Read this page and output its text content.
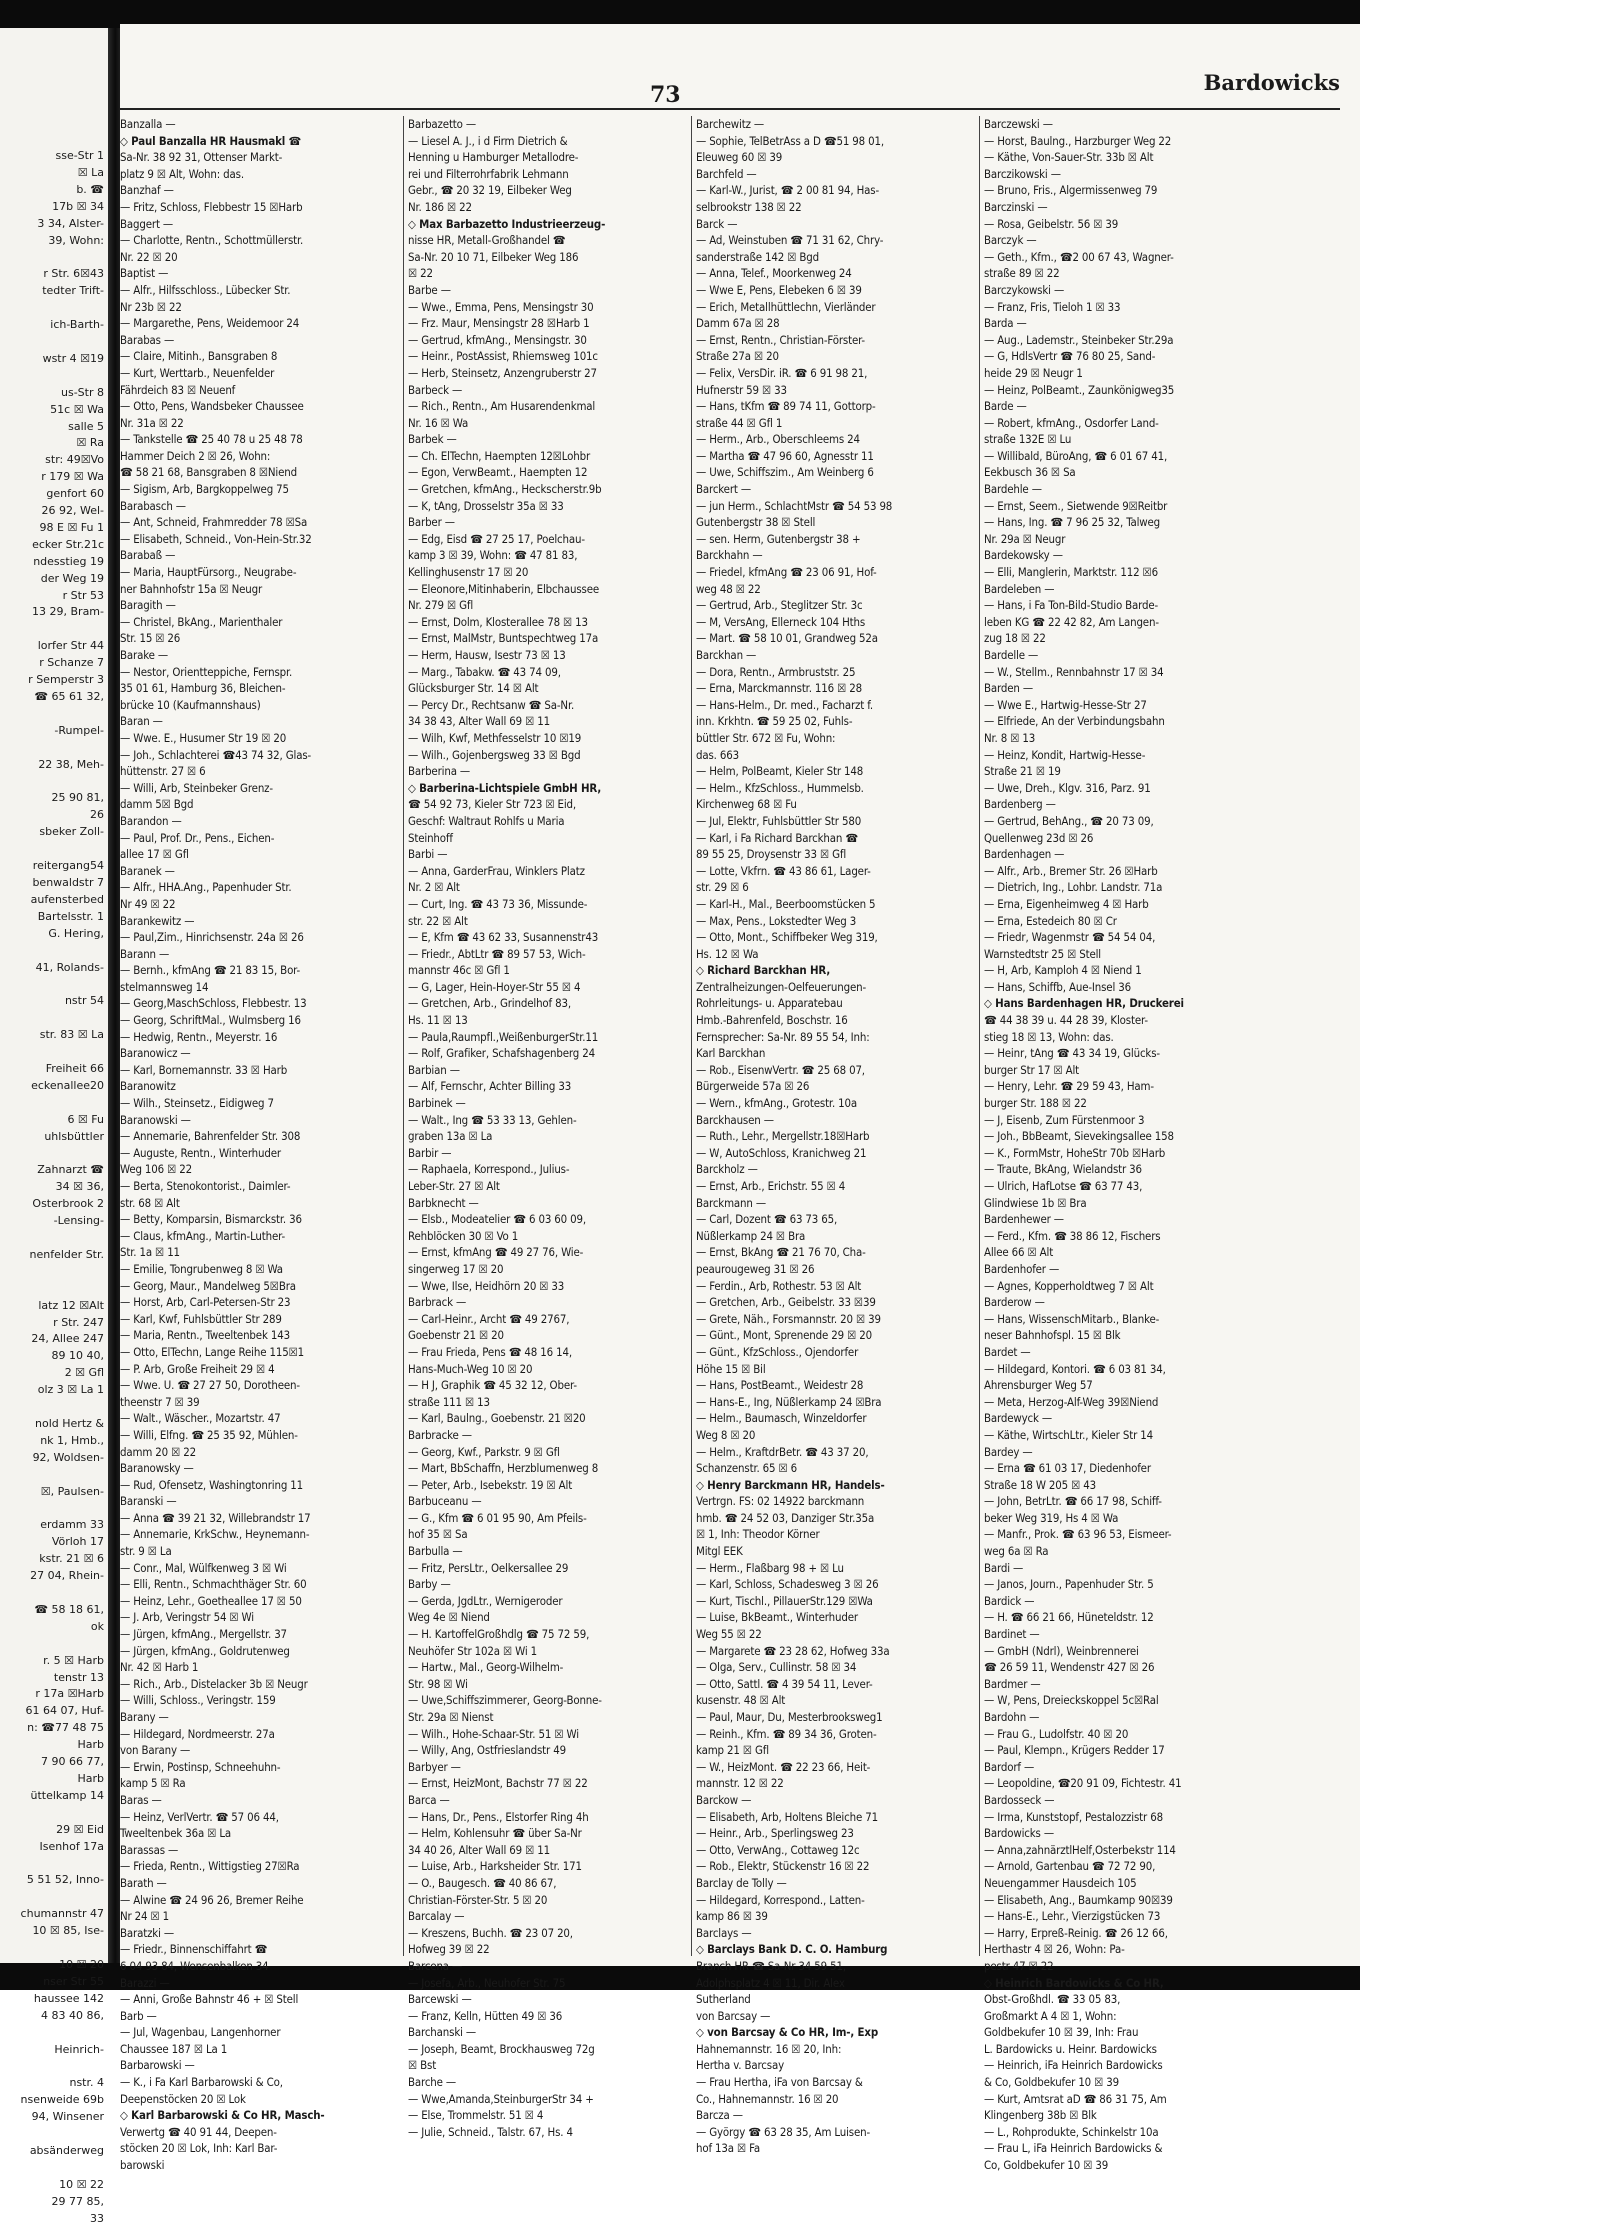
sse-Str 1
☒ La
b. ☎
17b ☒ 34
3 34, Alster-
39, Wohn:

r Str. 6☒43
tedter Trift-

ich-Barth-

wstr 4 ☒19

us-Str 8
51c ☒ Wa
salle 5
☒ Ra
str: 49☒Vo
r 179 ☒ Wa
genfort 60
26 92, Wel-
98 E ☒ Fu 1
ecker Str.21c
ndesstieg 19
der Weg 19
r Str 53
13 29, Bram-

lorfer Str 44
r Schanze 7
r Semperstr 3
☎ 65 61 32,

-Rumpel-

22 38, Meh-

25 90 81,
26
sbeker Zoll-

reitergang54
benwaldstr 7
aufensterbed
Bartelsstr. 1
G. Hering,

41, Rolands-

nstr 54

str. 83 ☒ La

Freiheit 66
eckenallee20

6 ☒ Fu
uhlsbüttler

Zahnarzt ☎
34 ☒ 36,
Osterbrook 2
-Lensing-

nenfelder Str.

latz 12 ☒Alt
r Str. 247
24, Allee 247
89 10 40,
2 ☒ Gfl
olz 3 ☒ La 1

nold Hertz &
nk 1, Hmb.,
92, Woldsen-

☒, Paulsen-

erdamm 33
Vörloh 17
kstr. 21 ☒ 6
27 04, Rhein-

☎ 58 18 61,
ok

r. 5 ☒ Harb
tenstr 13
r 17a ☒Harb
61 64 07, Huf-
n: ☎77 48 75
Harb
7 90 66 77,
Harb
üttelkamp 14

29 ☒ Eid
Isenhof 17a

5 51 52, Inno-

chumannstr 47
10 ☒ 85, Ise-

10 ☒ 20
nser Str 55
haussee 142
4 83 40 86,

Heinrich-

nstr. 4
nsenweide 69b
94, Winsener

absänderweg

10 ☒ 22
29 77 85,
33
73	Bardowicks
Banzalla —
◇ Paul Banzalla HR Hausmakl ☎
Sa-Nr. 38 92 31, Ottenser Markt-
platz 9 ☒ Alt, Wohn: das.
Banzhaf —
— Fritz, Schloss, Flebbestr 15 ☒Harb
Baggert —
— Charlotte, Rentn., Schottmüllerstr.
Nr. 22 ☒ 20
Baptist —
— Alfr., Hilfsschloss., Lübecker Str.
Nr 23b ☒ 22
— Margarethe, Pens, Weidemoor 24
Barabas —
— Claire, Mitinh., Bansgraben 8
— Kurt, Werttarb., Neuenfelder
Fährdeich 83 ☒ Neuenf
— Otto, Pens, Wandsbeker Chaussee
Nr. 31a ☒ 22
— Tankstelle ☎ 25 40 78 u 25 48 78
Hammer Deich 2 ☒ 26, Wohn:
☎ 58 21 68, Bansgraben 8 ☒Niend
— Sigism, Arb, Bargkoppelweg 75
Barabasch —
— Ant, Schneid, Frahmredder 78 ☒Sa
— Elisabeth, Schneid., Von-Hein-Str.32
Barabaß —
— Maria, HauptFürsorg., Neugrabe-
ner Bahnhofstr 15a ☒ Neugr
Baragith —
— Christel, BkAng., Marienthaler
Str. 15 ☒ 26
Barake —
— Nestor, Orientteppiche, Fernspr.
35 01 61, Hamburg 36, Bleichen-
brücke 10 (Kaufmannshaus)
Baran —
— Wwe. E., Husumer Str 19 ☒ 20
— Joh., Schlachterei ☎43 74 32, Glas-
hüttenstr. 27 ☒ 6
— Willi, Arb, Steinbeker Grenz-
damm 5☒ Bgd
Barandon —
— Paul, Prof. Dr., Pens., Eichen-
allee 17 ☒ Gfl
Baranek —
— Alfr., HHA.Ang., Papenhuder Str.
Nr 49 ☒ 22
Barankewitz —
— Paul,Zim., Hinrichsenstr. 24a ☒ 26
Barann —
— Bernh., kfmAng ☎ 21 83 15, Bor-
stelmannsweg 14
— Georg,MaschSchloss, Flebbestr. 13
— Georg, SchriftMal., Wulmsberg 16
— Hedwig, Rentn., Meyerstr. 16
Baranowicz —
— Karl, Bornemannstr. 33 ☒ Harb
Baranowitz
— Wilh., Steinsetz., Eidigweg 7
Baranowski —
— Annemarie, Bahrenfelder Str. 308
— Auguste, Rentn., Winterhuder
Weg 106 ☒ 22
— Berta, Stenokontorist., Daimler-
str. 68 ☒ Alt
— Betty, Komparsin, Bismarckstr. 36
— Claus, kfmAng., Martin-Luther-
Str. 1a ☒ 11
— Emilie, Tongrubenweg 8 ☒ Wa
— Georg, Maur., Mandelweg 5☒Bra
— Horst, Arb, Carl-Petersen-Str 23
— Karl, Kwf, Fuhlsbüttler Str 289
— Maria, Rentn., Tweeltenbek 143
— Otto, ElTechn, Lange Reihe 115☒1
— P. Arb, Große Freiheit 29 ☒ 4
— Wwe. U. ☎ 27 27 50, Dorotheen-
theenstr 7 ☒ 39
— Walt., Wäscher., Mozartstr. 47
— Willi, Elfng. ☎ 25 35 92, Mühlen-
damm 20 ☒ 22
Baranowsky —
— Rud, Ofensetz, Washingtonring 11
Baranski —
— Anna ☎ 39 21 32, Willebrandstr 17
— Annemarie, KrkSchw., Heynemann-
str. 9 ☒ La
— Conr., Mal, Wülfkenweg 3 ☒ Wi
— Elli, Rentn., Schmachthäger Str. 60
— Heinz, Lehr., Goetheallee 17 ☒ 50
— J. Arb, Veringstr 54 ☒ Wi
— Jürgen, kfmAng., Mergellstr. 37
— Jürgen, kfmAng., Goldrutenweg
Nr. 42 ☒ Harb 1
— Rich., Arb., Distelacker 3b ☒ Neugr
— Willi, Schloss., Veringstr. 159
Barany —
— Hildegard, Nordmeerstr. 27a
von Barany —
— Erwin, Postinsp, Schneehuhn-
kamp 5 ☒ Ra
Baras —
— Heinz, VerlVertr. ☎ 57 06 44,
Tweeltenbek 36a ☒ La
Barassas —
— Frieda, Rentn., Wittigstieg 27☒Ra
Barath —
— Alwine ☎ 24 96 26, Bremer Reihe
Nr 24 ☒ 1
Baratzki —
— Friedr., Binnenschiffahrt ☎
6 04 93 84, Wensenbalken 34
Barazzi —
— Anni, Große Bahnstr 46 + ☒ Stell
Barb —
— Jul, Wagenbau, Langenhorner
Chaussee 187 ☒ La 1
Barbarowski —
— K., i Fa Karl Barbarowski & Co,
Deepenstöcken 20 ☒ Lok
◇ Karl Barbarowski & Co HR, Masch-
Verwertg ☎ 40 91 44, Deepen-
stöcken 20 ☒ Lok, Inh: Karl Bar-
barowski
Barbazetto —
— Liesel A. J., i d Firm Dietrich &
Henning u Hamburger Metallodre-
rei und Filterrohrfabrik Lehmann
Gebr., ☎ 20 32 19, Eilbeker Weg
Nr. 186 ☒ 22
◇ Max Barbazetto Industrieerzeug-
nisse HR, Metall-Großhandel ☎
Sa-Nr. 20 10 71, Eilbeker Weg 186
☒ 22
Barbe —
— Wwe., Emma, Pens, Mensingstr 30
— Frz. Maur, Mensingstr 28 ☒Harb 1
— Gertrud, kfmAng., Mensingstr. 30
— Heinr., PostAssist, Rhiemsweg 101c
— Herb, Steinsetz, Anzengruberstr 27
Barbeck —
— Rich., Rentn., Am Husarendenkmal
Nr. 16 ☒ Wa
Barbek —
— Ch. ElTechn, Haempten 12☒Lohbr
— Egon, VerwBeamt., Haempten 12
— Gretchen, kfmAng., Heckscherstr.9b
— K, tAng, Drosselstr 35a ☒ 33
Barber —
— Edg, Eisd ☎ 27 25 17, Poelchau-
kamp 3 ☒ 39, Wohn: ☎ 47 81 83,
Kellinghusenstr 17 ☒ 20
— Eleonore,Mitinhaberin, Elbchaussee
Nr. 279 ☒ Gfl
— Ernst, Dolm, Klosterallee 78 ☒ 13
— Ernst, MalMstr, Buntspechtweg 17a
— Herm, Hausw, Isestr 73 ☒ 13
— Marg., Tabakw. ☎ 43 74 09,
Glücksburger Str. 14 ☒ Alt
— Percy Dr., Rechtsanw ☎ Sa-Nr.
34 38 43, Alter Wall 69 ☒ 11
— Wilh, Kwf, Methfesselstr 10 ☒19
— Wilh., Gojenbergsweg 33 ☒ Bgd
Barberina —
◇ Barberina-Lichtspiele GmbH HR,
☎ 54 92 73, Kieler Str 723 ☒ Eid,
Geschf: Waltraut Rohlfs u Maria
Steinhoff
Barbi —
— Anna, GarderFrau, Winklers Platz
Nr. 2 ☒ Alt
— Curt, Ing. ☎ 43 73 36, Missunde-
str. 22 ☒ Alt
— E, Kfm ☎ 43 62 33, Susannenstr43
— Friedr., AbtLtr ☎ 89 57 53, Wich-
mannstr 46c ☒ Gfl 1
— G, Lager, Hein-Hoyer-Str 55 ☒ 4
— Gretchen, Arb., Grindelhof 83,
Hs. 11 ☒ 13
— Paula,Raumpfl.,WeißenburgerStr.11
— Rolf, Grafiker, Schafshagenberg 24
Barbian —
— Alf, Fernschr, Achter Billing 33
Barbinek —
— Walt., Ing ☎ 53 33 13, Gehlen-
graben 13a ☒ La
Barbir —
— Raphaela, Korrespond., Julius-
Leber-Str. 27 ☒ Alt
Barbknecht —
— Elsb., Modeatelier ☎ 6 03 60 09,
Rehblöcken 30 ☒ Vo 1
— Ernst, kfmAng ☎ 49 27 76, Wie-
singerweg 17 ☒ 20
— Wwe, Ilse, Heidhörn 20 ☒ 33
Barbrack —
— Carl-Heinr., Archt ☎ 49 2767,
Goebenstr 21 ☒ 20
— Frau Frieda, Pens ☎ 48 16 14,
Hans-Much-Weg 10 ☒ 20
— H J, Graphik ☎ 45 32 12, Ober-
straße 111 ☒ 13
— Karl, Baulng., Goebenstr. 21 ☒20
Barbracke —
— Georg, Kwf., Parkstr. 9 ☒ Gfl
— Mart, BbSchaffn, Herzblumenweg 8
— Peter, Arb., Isebekstr. 19 ☒ Alt
Barbuceanu —
— G., Kfm ☎ 6 01 95 90, Am Pfeils-
hof 35 ☒ Sa
Barbulla —
— Fritz, PersLtr., Oelkersallee 29
Barby —
— Gerda, JgdLtr., Wernigeroder
Weg 4e ☒ Niend
— H. KartoffelGroßhdlg ☎ 75 72 59,
Neuhöfer Str 102a ☒ Wi 1
— Hartw., Mal., Georg-Wilhelm-
Str. 98 ☒ Wi
— Uwe,Schiffszimmerer, Georg-Bonne-
Str. 29a ☒ Nienst
— Wilh., Hohe-Schaar-Str. 51 ☒ Wi
— Willy, Ang, Ostfrieslandstr 49
Barbyer —
— Ernst, HeizMont, Bachstr 77 ☒ 22
Barca —
— Hans, Dr., Pens., Elstorfer Ring 4h
— Helm, Kohlensuhr ☎ über Sa-Nr
34 40 26, Alter Wall 69 ☒ 11
— Luise, Arb., Harksheider Str. 171
— O., Baugesch. ☎ 40 86 67,
Christian-Förster-Str. 5 ☒ 20
Barcalay —
— Kreszens, Buchh. ☎ 23 07 20,
Hofweg 39 ☒ 22
Barcena —
— Josefa, Arb., Neuhofer Str. 75
Barcewski —
— Franz, Kelln, Hütten 49 ☒ 36
Barchanski —
— Joseph, Beamt, Brockhausweg 72g
☒ Bst
Barche —
— Wwe,Amanda,SteinburgerStr 34 +
— Else, Trommelstr. 51 ☒ 4
— Julie, Schneid., Talstr. 67, Hs. 4
Barchewitz —
— Sophie, TelBetrAss a D ☎51 98 01,
Eleuweg 60 ☒ 39
Barchfeld —
— Karl-W., Jurist, ☎ 2 00 81 94, Has-
selbrookstr 138 ☒ 22
Barck —
— Ad, Weinstuben ☎ 71 31 62, Chry-
sanderstraße 142 ☒ Bgd
— Anna, Telef., Moorkenweg 24
— Wwe E, Pens, Elebeken 6 ☒ 39
— Erich, Metallhüttlechn, Vierländer
Damm 67a ☒ 28
— Ernst, Rentn., Christian-Förster-
Straße 27a ☒ 20
— Felix, VersDir. iR. ☎ 6 91 98 21,
Hufnerstr 59 ☒ 33
— Hans, tKfm ☎ 89 74 11, Gottorp-
straße 44 ☒ Gfl 1
— Herm., Arb., Oberschleems 24
— Martha ☎ 47 96 60, Agnesstr 11
— Uwe, Schiffszim., Am Weinberg 6
Barckert —
— jun Herm., SchlachtMstr ☎ 54 53 98
Gutenbergstr 38 ☒ Stell
— sen. Herm, Gutenbergstr 38 +
Barckhahn —
— Friedel, kfmAng ☎ 23 06 91, Hof-
weg 48 ☒ 22
— Gertrud, Arb., Steglitzer Str. 3c
— M, VersAng, Ellerneck 104 Hths
— Mart. ☎ 58 10 01, Grandweg 52a
Barckhan —
— Dora, Rentn., Armbruststr. 25
— Erna, Marckmannstr. 116 ☒ 28
— Hans-Helm., Dr. med., Facharzt f.
inn. Krkhtn. ☎ 59 25 02, Fuhls-
büttler Str. 672 ☒ Fu, Wohn:
das. 663
— Helm, PolBeamt, Kieler Str 148
— Helm., KfzSchloss., Hummelsb.
Kirchenweg 68 ☒ Fu
— Jul, Elektr, Fuhlsbüttler Str 580
— Karl, i Fa Richard Barckhan ☎
89 55 25, Droysenstr 33 ☒ Gfl
— Lotte, Vkfrn. ☎ 43 86 61, Lager-
str. 29 ☒ 6
— Karl-H., Mal., Beerboomstücken 5
— Max, Pens., Lokstedter Weg 3
— Otto, Mont., Schiffbeker Weg 319,
Hs. 12 ☒ Wa
◇ Richard Barckhan HR,
Zentralheizungen-Oelfeuerungen-
Rohrleitungs- u. Apparatebau
Hmb.-Bahrenfeld, Boschstr. 16
Fernsprecher: Sa-Nr. 89 55 54, Inh:
Karl Barckhan
— Rob., EisenwVertr. ☎ 25 68 07,
Bürgerweide 57a ☒ 26
— Wern., kfmAng., Grotestr. 10a
Barckhausen —
— Ruth., Lehr., Mergellstr.18☒Harb
— W, AutoSchloss, Kranichweg 21
Barckholz —
— Ernst, Arb., Erichstr. 55 ☒ 4
Barckmann —
— Carl, Dozent ☎ 63 73 65,
Nüßlerkamp 24 ☒ Bra
— Ernst, BkAng ☎ 21 76 70, Cha-
peaurougeweg 31 ☒ 26
— Ferdin., Arb, Rothestr. 53 ☒ Alt
— Gretchen, Arb., Geibelstr. 33 ☒39
— Grete, Näh., Forsmannstr. 20 ☒ 39
— Günt., Mont, Sprenende 29 ☒ 20
— Günt., KfzSchloss., Ojendorfer
Höhe 15 ☒ Bil
— Hans, PostBeamt., Weidestr 28
— Hans-E., Ing, Nüßlerkamp 24 ☒Bra
— Helm., Baumasch, Winzeldorfer
Weg 8 ☒ 20
— Helm., KraftdrBetr. ☎ 43 37 20,
Schanzenstr. 65 ☒ 6
◇ Henry Barckmann HR, Handels-
Vertrgn. FS: 02 14922 barckmann
hmb. ☎ 24 52 03, Danziger Str.35a
☒ 1, Inh: Theodor Körner
Mitgl EEK
— Herm., Flaßbarg 98 + ☒ Lu
— Karl, Schloss, Schadesweg 3 ☒ 26
— Kurt, Tischl., PillauerStr.129 ☒Wa
— Luise, BkBeamt., Winterhuder
Weg 55 ☒ 22
— Margarete ☎ 23 28 62, Hofweg 33a
— Olga, Serv., Cullinstr. 58 ☒ 34
— Otto, Sattl. ☎ 4 39 54 11, Lever-
kusenstr. 48 ☒ Alt
— Paul, Maur, Du, Mesterbrooksweg1
— Reinh., Kfm. ☎ 89 34 36, Groten-
kamp 21 ☒ Gfl
— W., HeizMont. ☎ 22 23 66, Heit-
mannstr. 12 ☒ 22
Barckow —
— Elisabeth, Arb, Holtens Bleiche 71
— Heinr., Arb., Sperlingsweg 23
— Otto, VerwAng., Cottaweg 12c
— Rob., Elektr, Stückenstr 16 ☒ 22
Barclay de Tolly —
— Hildegard, Korrespond., Latten-
kamp 86 ☒ 39
Barclays —
◇ Barclays Bank D. C. O. Hamburg
Branch HR ☎ Sa-Nr 34 59 51,
Adolphsplatz 4 ☒ 11, Dir. Alex
Sutherland
von Barcsay —
◇ von Barcsay & Co HR, Im-, Exp
Hahnemannstr. 16 ☒ 20, Inh:
Hertha v. Barcsay
— Frau Hertha, iFa von Barcsay &
Co., Hahnemannstr. 16 ☒ 20
Barcza —
— György ☎ 63 28 35, Am Luisen-
hof 13a ☒ Fa
Barczewski —
— Horst, Baulng., Harzburger Weg 22
— Käthe, Von-Sauer-Str. 33b ☒ Alt
Barczikowski —
— Bruno, Fris., Algermissenweg 79
Barczinski —
— Rosa, Geibelstr. 56 ☒ 39
Barczyk —
— Geth., Kfm., ☎2 00 67 43, Wagner-
straße 89 ☒ 22
Barczykowski —
— Franz, Fris, Tieloh 1 ☒ 33
Barda —
— Aug., Lademstr., Steinbeker Str.29a
— G, HdlsVertr ☎ 76 80 25, Sand-
heide 29 ☒ Neugr 1
— Heinz, PolBeamt., Zaunkönigweg35
Barde —
— Robert, kfmAng., Osdorfer Land-
straße 132E ☒ Lu
— Willibald, BüroAng, ☎ 6 01 67 41,
Eekbusch 36 ☒ Sa
Bardehle —
— Ernst, Seem., Sietwende 9☒Reitbr
— Hans, Ing. ☎ 7 96 25 32, Talweg
Nr. 29a ☒ Neugr
Bardekowsky —
— Elli, Manglerin, Marktstr. 112 ☒6
Bardeleben —
— Hans, i Fa Ton-Bild-Studio Barde-
leben KG ☎ 22 42 82, Am Langen-
zug 18 ☒ 22
Bardelle —
— W., Stellm., Rennbahnstr 17 ☒ 34
Barden —
— Wwe E., Hartwig-Hesse-Str 27
— Elfriede, An der Verbindungsbahn
Nr. 8 ☒ 13
— Heinz, Kondit, Hartwig-Hesse-
Straße 21 ☒ 19
— Uwe, Dreh., Klgv. 316, Parz. 91
Bardenberg —
— Gertrud, BehAng., ☎ 20 73 09,
Quellenweg 23d ☒ 26
Bardenhagen —
— Alfr., Arb., Bremer Str. 26 ☒Harb
— Dietrich, Ing., Lohbr. Landstr. 71a
— Erna, Eigenheimweg 4 ☒ Harb
— Erna, Estedeich 80 ☒ Cr
— Friedr, Wagenmstr ☎ 54 54 04,
Warnstedtstr 25 ☒ Stell
— H, Arb, Kamploh 4 ☒ Niend 1
— Hans, Schiffb, Aue-Insel 36
◇ Hans Bardenhagen HR, Druckerei
☎ 44 38 39 u. 44 28 39, Kloster-
stieg 18 ☒ 13, Wohn: das.
— Heinr, tAng ☎ 43 34 19, Glücks-
burger Str 17 ☒ Alt
— Henry, Lehr. ☎ 29 59 43, Ham-
burger Str. 188 ☒ 22
— J, Eisenb, Zum Fürstenmoor 3
— Joh., BbBeamt, Sievekingsallee 158
— K., FormMstr, HoheStr 70b ☒Harb
— Traute, BkAng, Wielandstr 36
— Ulrich, HafLotse ☎ 63 77 43,
Glindwiese 1b ☒ Bra
Bardenhewer —
— Ferd., Kfm. ☎ 38 86 12, Fischers
Allee 66 ☒ Alt
Bardenhofer —
— Agnes, Kopperholdtweg 7 ☒ Alt
Barderow —
— Hans, WissenschMitarb., Blanke-
neser Bahnhofspl. 15 ☒ Blk
Bardet —
— Hildegard, Kontori. ☎ 6 03 81 34,
Ahrensburger Weg 57
— Meta, Herzog-Alf-Weg 39☒Niend
Bardewyck —
— Käthe, WirtschLtr., Kieler Str 14
Bardey —
— Erna ☎ 61 03 17, Diedenhofer
Straße 18 W 205 ☒ 43
— John, BetrLtr. ☎ 66 17 98, Schiff-
beker Weg 319, Hs 4 ☒ Wa
— Manfr., Prok. ☎ 63 96 53, Eismeer-
weg 6a ☒ Ra
Bardi —
— Janos, Journ., Papenhuder Str. 5
Bardick —
— H. ☎ 66 21 66, Hüneteldstr. 12
Bardinet —
— GmbH (Ndrl), Weinbrennerei
☎ 26 59 11, Wendenstr 427 ☒ 26
Bardmer —
— W, Pens, Dreieckskoppel 5c☒Ral
Bardohn —
— Frau G., Ludolfstr. 40 ☒ 20
— Paul, Klempn., Krügers Redder 17
Bardorf —
— Leopoldine, ☎20 91 09, Fichtestr. 41
Bardosseck —
— Irma, Kunststopf, Pestalozzistr 68
Bardowicks —
— Anna,zahnärztlHelf,Osterbekstr 114
— Arnold, Gartenbau ☎ 72 72 90,
Neuengammer Hausdeich 105
— Elisabeth, Ang., Baumkamp 90☒39
— Hans-E., Lehr., Vierzigstücken 73
— Harry, Erpreß-Reinig. ☎ 26 12 66,
Herthastr 4 ☒ 26, Wohn: Pa-
pestr 47 ☒ 22
◇ Heinrich Bardowicks & Co HR,
Obst-Großhdl. ☎ 33 05 83,
Großmarkt A 4 ☒ 1, Wohn:
Goldbekufer 10 ☒ 39, Inh: Frau
L. Bardowicks u. Heinr. Bardowicks
— Heinrich, iFa Heinrich Bardowicks
& Co, Goldbekufer 10 ☒ 39
— Kurt, Amtsrat aD ☎ 86 31 75, Am
Klingenberg 38b ☒ Blk
— L., Rohprodukte, Schinkelstr 10a
— Frau L, iFa Heinrich Bardowicks &
Co, Goldbekufer 10 ☒ 39
